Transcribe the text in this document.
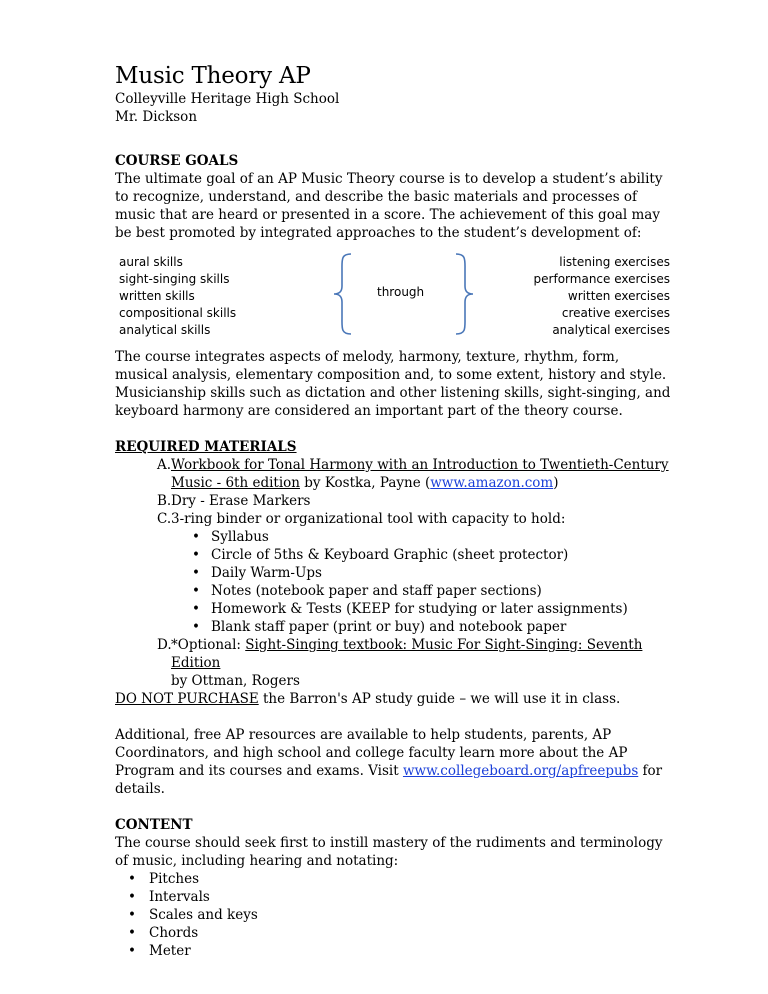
Music Theory AP
Colleyville Heritage High School
Mr. Dickson
COURSE GOALS
The ultimate goal of an AP Music Theory course is to develop a student’s ability to recognize, understand, and describe the basic materials and processes of music that are heard or presented in a score. The achievement of this goal may be best promoted by integrated approaches to the student’s development of:
aural skills
sight-singing skills
written skills
compositional skills
analytical skills
through
listening exercises
performance exercises
written exercises
creative exercises
analytical exercises
The course integrates aspects of melody, harmony, texture, rhythm, form, musical analysis, elementary composition and, to some extent, history and style. Musicianship skills such as dictation and other listening skills, sight-singing, and keyboard harmony are considered an important part of the theory course.
REQUIRED MATERIALS
A. Workbook for Tonal Harmony with an Introduction to Twentieth-Century
Music - 6th edition by Kostka, Payne (www.amazon.com)
B. Dry - Erase Markers
C. 3-ring binder or organizational tool with capacity to hold:
• Syllabus
• Circle of 5ths & Keyboard Graphic (sheet protector)
• Daily Warm-Ups
• Notes (notebook paper and staff paper sections)
• Homework & Tests (KEEP for studying or later assignments)
• Blank staff paper (print or buy) and notebook paper
D. *Optional: Sight-Singing textbook: Music For Sight-Singing: Seventh Edition
by Ottman, Rogers
DO NOT PURCHASE the Barron's AP study guide – we will use it in class.
Additional, free AP resources are available to help students, parents, AP Coordinators, and high school and college faculty learn more about the AP Program and its courses and exams. Visit www.collegeboard.org/apfreepubs for details.
CONTENT
The course should seek first to instill mastery of the rudiments and terminology of music, including hearing and notating:
• Pitches
• Intervals
• Scales and keys
• Chords
• Meter
